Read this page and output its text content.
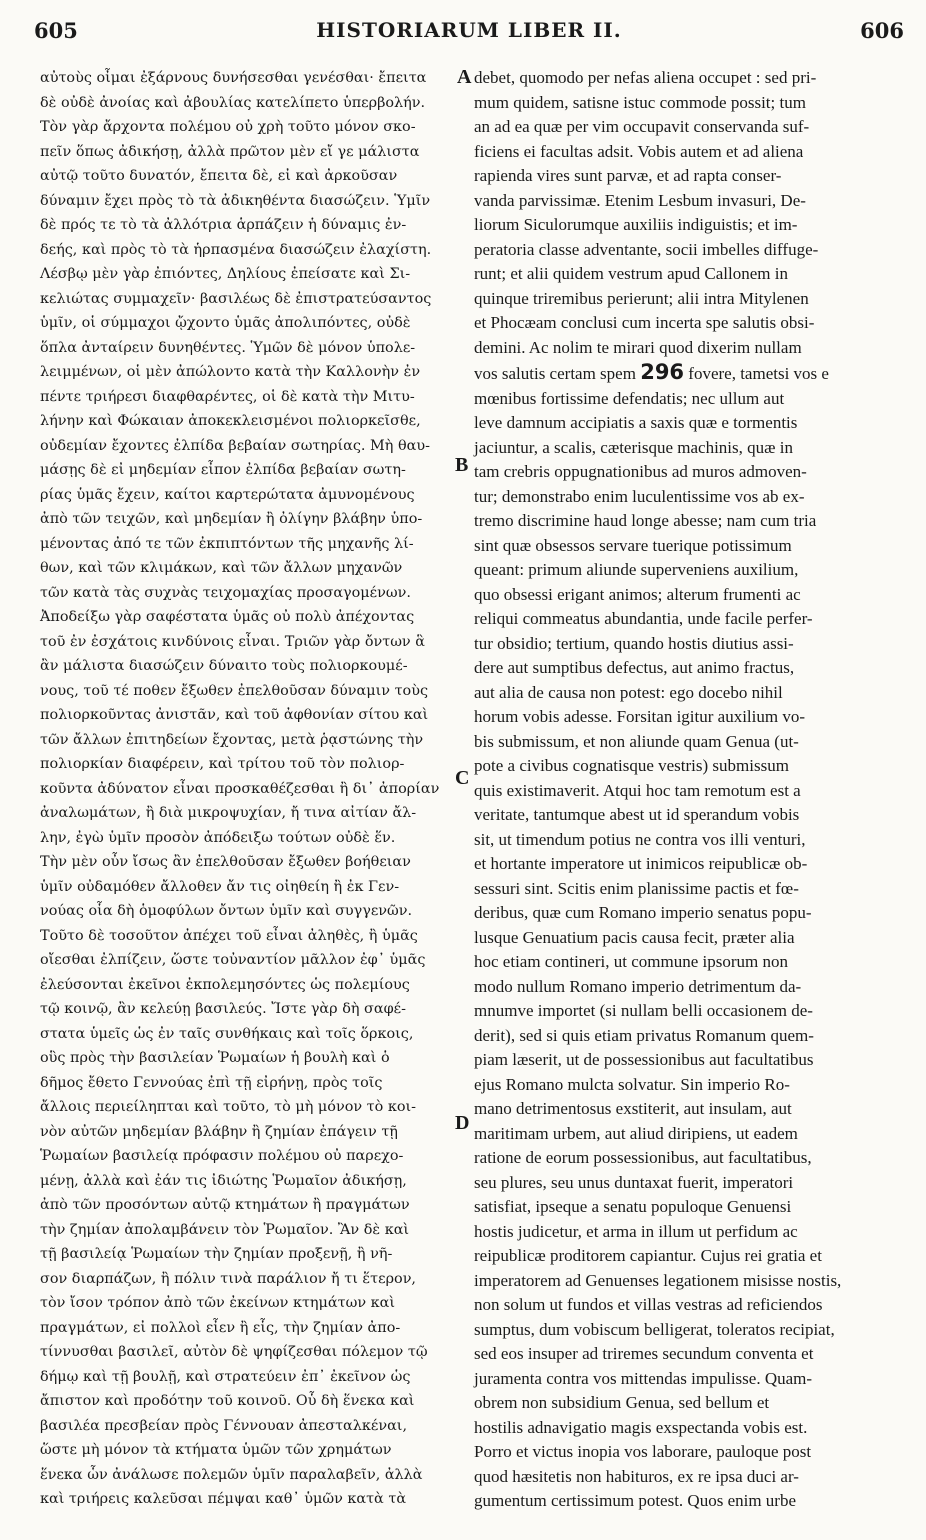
605	HISTORIARUM LIBER II.	606
αὐτοὺς οἶμαι ἐξάρνους δυνήσεσθαι γενέσθαι· ἔπειτα
δὲ οὐδὲ ἀνοίας καὶ ἀβουλίας κατελίπετο ὑπερβολήν.
Τὸν γὰρ ἄρχοντα πολέμου οὐ χρὴ τοῦτο μόνον σκο-
πεῖν ὅπως ἀδικήσῃ, ἀλλὰ πρῶτον μὲν εἴ γε μάλιστα
αὐτῷ τοῦτο δυνατόν, ἔπειτα δὲ, εἰ καὶ ἀρκοῦσαν
δύναμιν ἔχει πρὸς τὸ τὰ ἀδικηθέντα διασώζειν. Ὑμῖν
δὲ πρός τε τὸ τὰ ἀλλότρια ἁρπάζειν ἡ δύναμις ἐν-
δεής, καὶ πρὸς τὸ τὰ ἡρπασμένα διασώζειν ἐλαχίστη.
Λέσβῳ μὲν γὰρ ἐπιόντες, Δηλίους ἐπείσατε καὶ Σι-
κελιώτας συμμαχεῖν· βασιλέως δὲ ἐπιστρατεύσαντος
ὑμῖν, οἱ σύμμαχοι ᾤχοντο ὑμᾶς ἀπολιπόντες, οὐδὲ
ὅπλα ἀνταίρειν δυνηθέντες. Ὑμῶν δὲ μόνον ὑπολε-
λειμμένων, οἱ μὲν ἀπώλοντο κατὰ τὴν Καλλονὴν ἐν
πέντε τριήρεσι διαφθαρέντες, οἱ δὲ κατὰ τὴν Μιτυ-
λήνην καὶ Φώκαιαν ἀποκεκλεισμένοι πολιορκεῖσθε,
οὐδεμίαν ἔχοντες ἐλπίδα βεβαίαν σωτηρίας. Μὴ θαυ-
μάσῃς δὲ εἰ μηδεμίαν εἶπον ἐλπίδα βεβαίαν σωτη-
ρίας ὑμᾶς ἔχειν, καίτοι καρτερώτατα ἀμυνομένους
ἀπὸ τῶν τειχῶν, καὶ μηδεμίαν ἢ ὀλίγην βλάβην ὑπο-
μένοντας ἀπό τε τῶν ἐκπιπτόντων τῆς μηχανῆς λί-
θων, καὶ τῶν κλιμάκων, καὶ τῶν ἄλλων μηχανῶν
τῶν κατὰ τὰς συχνὰς τειχομαχίας προσαγομένων.
Ἀποδείξω γὰρ σαφέστατα ὑμᾶς οὐ πολὺ ἀπέχοντας
τοῦ ἐν ἐσχάτοις κινδύνοις εἶναι. Τριῶν γὰρ ὄντων ἃ
ἂν μάλιστα διασώζειν δύναιτο τοὺς πολιορκουμέ-
νους, τοῦ τέ ποθεν ἔξωθεν ἐπελθοῦσαν δύναμιν τοὺς
πολιορκοῦντας ἀνιστᾶν, καὶ τοῦ ἀφθονίαν σίτου καὶ
τῶν ἄλλων ἐπιτηδείων ἔχοντας, μετὰ ῥᾳστώνης τὴν
πολιορκίαν διαφέρειν, καὶ τρίτου τοῦ τὸν πολιορ-
κοῦντα ἀδύνατον εἶναι προσκαθέζεσθαι ἢ δι᾽ ἀπορίαν
ἀναλωμάτων, ἢ διὰ μικροψυχίαν, ἤ τινα αἰτίαν ἄλ-
λην, ἐγὼ ὑμῖν προσὸν ἀπόδειξω τούτων οὐδὲ ἕν.
Τὴν μὲν οὖν ἴσως ἂν ἐπελθοῦσαν ἔξωθεν βοήθειαν
ὑμῖν οὐδαμόθεν ἄλλοθεν ἄν τις οἰηθείη ἢ ἐκ Γεν-
νούας οἷα δὴ ὁμοφύλων ὄντων ὑμῖν καὶ συγγενῶν.
Τοῦτο δὲ τοσοῦτον ἀπέχει τοῦ εἶναι ἀληθὲς, ἢ ὑμᾶς
οἴεσθαι ἐλπίζειν, ὥστε τοὐναντίον μᾶλλον ἐφ᾽ ὑμᾶς
ἐλεύσονται ἐκεῖνοι ἐκπολεμησόντες ὡς πολεμίους
τῷ κοινῷ, ἂν κελεύῃ βασιλεύς. Ἴστε γὰρ δὴ σαφέ-
στατα ὑμεῖς ὡς ἐν ταῖς συνθήκαις καὶ τοῖς ὅρκοις,
οὓς πρὸς τὴν βασιλείαν Ῥωμαίων ἡ βουλὴ καὶ ὁ
δῆμος ἔθετο Γεννούας ἐπὶ τῇ εἰρήνῃ, πρὸς τοῖς
ἄλλοις περιείληπται καὶ τοῦτο, τὸ μὴ μόνον τὸ κοι-
νὸν αὐτῶν μηδεμίαν βλάβην ἢ ζημίαν ἐπάγειν τῇ
Ῥωμαίων βασιλείᾳ πρόφασιν πολέμου οὐ παρεχο-
μένῃ, ἀλλὰ καὶ ἐάν τις ἰδιώτης Ῥωμαῖον ἀδικήσῃ,
ἀπὸ τῶν προσόντων αὐτῷ κτημάτων ἢ πραγμάτων
τὴν ζημίαν ἀπολαμβάνειν τὸν Ῥωμαῖον. Ἂν δὲ καὶ
τῇ βασιλείᾳ Ῥωμαίων τὴν ζημίαν προξενῇ, ἢ νῆ-
σον διαρπάζων, ἢ πόλιν τινὰ παράλιον ἤ τι ἕτερον,
τὸν ἴσον τρόπον ἀπὸ τῶν ἐκείνων κτημάτων καὶ
πραγμάτων, εἰ πολλοὶ εἶεν ἢ εἷς, τὴν ζημίαν ἀπο-
τίννυσθαι βασιλεῖ, αὐτὸν δὲ ψηφίζεσθαι πόλεμον τῷ
δήμῳ καὶ τῇ βουλῇ, καὶ στρατεύειν ἐπ᾽ ἐκεῖνον ὡς
ἄπιστον καὶ προδότην τοῦ κοινοῦ. Οὗ δὴ ἕνεκα καὶ
βασιλέα πρεσβείαν πρὸς Γέννουαν ἀπεσταλκέναι,
ὥστε μὴ μόνον τὰ κτήματα ὑμῶν τῶν χρημάτων
ἕνεκα ὧν ἀνάλωσε πολεμῶν ὑμῖν παραλαβεῖν, ἀλλὰ
καὶ τριήρεις καλεῦσαι πέμψαι καθ᾽ ὑμῶν κατὰ τὰ
debet, quomodo per nefas aliena occupet : sed pri-
mum quidem, satisne istuc commode possit; tum
an ad ea quæ per vim occupavit conservanda suf-
ficiens ei facultas adsit. Vobis autem et ad aliena
rapienda vires sunt parvæ, et ad rapta conser-
vanda parvissimæ. Etenim Lesbum invasuri, De-
liorum Siculorumque auxiliis indiguistis; et im-
peratoria classe adventante, socii imbelles diffuge-
runt; et alii quidem vestrum apud Callonem in
quinque triremibus perierunt; alii intra Mitylenen
et Phocæam conclusi cum incerta spe salutis obsi-
demini. Ac nolim te mirari quod dixerim nullam
vos salutis certam spem 296 fovere, tametsi vos e
mœnibus fortissime defendatis; nec ullum aut
leve damnum accipiatis a saxis quæ e tormentis
jaciuntur, a scalis, cæterisque machinis, quæ in
tam crebris oppugnationibus ad muros admoven-
tur; demonstrabo enim luculentissime vos ab ex-
tremo discrimine haud longe abesse; nam cum tria
sint quæ obsessos servare tuerique potissimum
queant: primum aliunde superveniens auxilium,
quo obsessi erigant animos; alterum frumenti ac
reliqui commeatus abundantia, unde facile perfer-
tur obsidio; tertium, quando hostis diutius assi-
dere aut sumptibus defectus, aut animo fractus,
aut alia de causa non potest: ego docebo nihil
horum vobis adesse. Forsitan igitur auxilium vo-
bis submissum, et non aliunde quam Genua (ut-
pote a civibus cognatisque vestris) submissum
quis existimaverit. Atqui hoc tam remotum est a
veritate, tantumque abest ut id sperandum vobis
sit, ut timendum potius ne contra vos illi venturi,
et hortante imperatore ut inimicos reipublicæ ob-
sessuri sint. Scitis enim planissime pactis et fœ-
deribus, quæ cum Romano imperio senatus popu-
lusque Genuatium pacis causa fecit, præter alia
hoc etiam contineri, ut commune ipsorum non
modo nullum Romano imperio detrimentum da-
mnumve importet (si nullam belli occasionem de-
derit), sed si quis etiam privatus Romanum quem-
piam læserit, ut de possessionibus aut facultatibus
ejus Romano mulcta solvatur. Sin imperio Ro-
mano detrimentosus exstiterit, aut insulam, aut
maritimam urbem, aut aliud diripiens, ut eadem
ratione de eorum possessionibus, aut facultatibus,
seu plures, seu unus duntaxat fuerit, imperatori
satisfiat, ipseque a senatu populoque Genuensi
hostis judicetur, et arma in illum ut perfidum ac
reipublicæ proditorem capiantur. Cujus rei gratia et
imperatorem ad Genuenses legationem misisse nostis,
non solum ut fundos et villas vestras ad reficiendos
sumptus, dum vobiscum belligerat, toleratos recipiat,
sed eos insuper ad triremes secundum conventa et
juramenta contra vos mittendas impulisse. Quam-
obrem non subsidium Genua, sed bellum et
hostilis adnavigatio magis exspectanda vobis est.
Porro et victus inopia vos laborare, pauloque post
quod hæsitetis non habituros, ex re ipsa duci ar-
gumentum certissimum potest. Quos enim urbe
A
B
C
D
